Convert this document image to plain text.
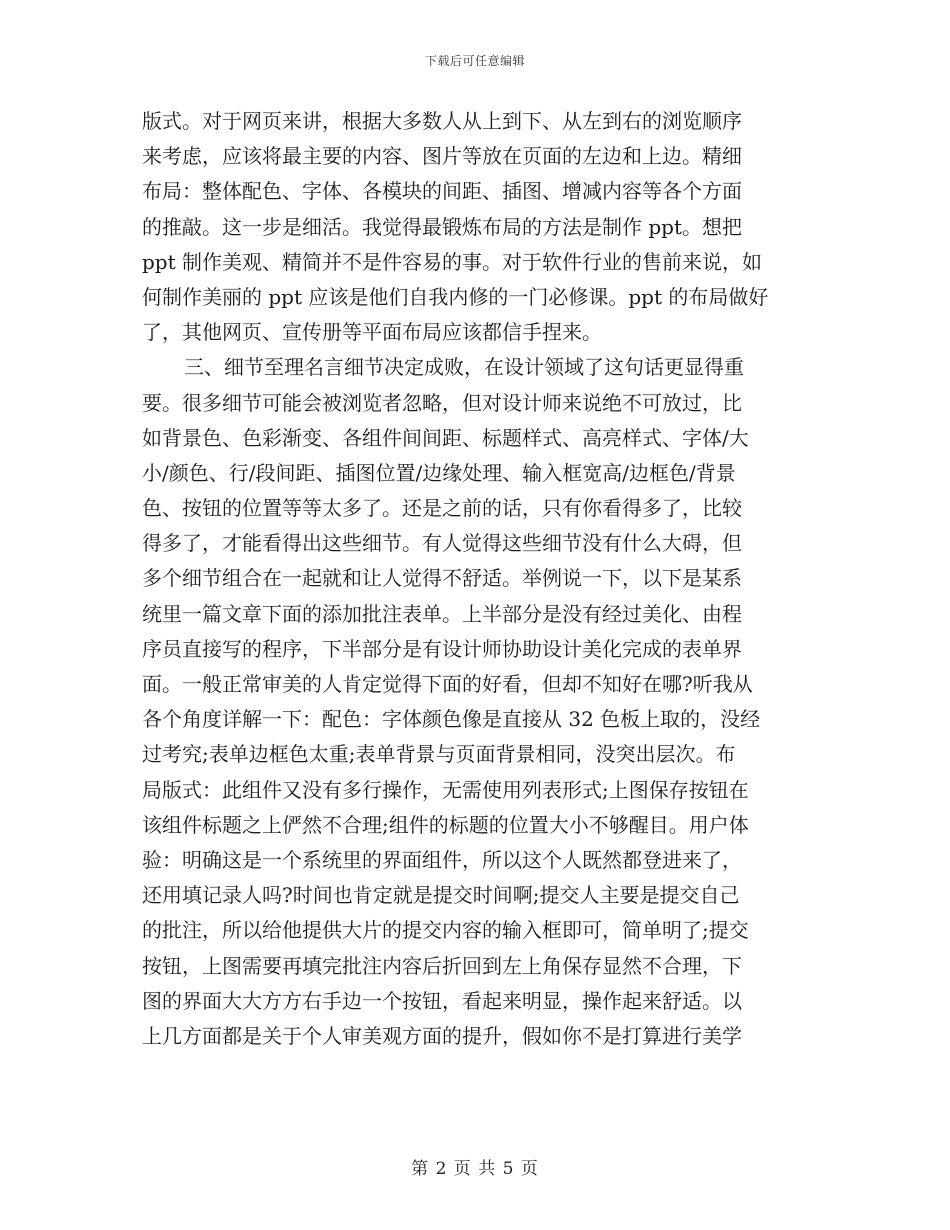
下载后可任意编辑
版式。对于网页来讲，根据大多数人从上到下、从左到右的浏览顺序
来考虑，应该将最主要的内容、图片等放在页面的左边和上边。精细
布局：整体配色、字体、各模块的间距、插图、增减内容等各个方面
的推敲。这一步是细活。我觉得最锻炼布局的方法是制作 ppt。想把
ppt 制作美观、精简并不是件容易的事。对于软件行业的售前来说，如
何制作美丽的 ppt 应该是他们自我内修的一门必修课。ppt 的布局做好
了，其他网页、宣传册等平面布局应该都信手捏来。
三、细节至理名言细节决定成败，在设计领域了这句话更显得重
要。很多细节可能会被浏览者忽略，但对设计师来说绝不可放过，比
如背景色、色彩渐变、各组件间间距、标题样式、高亮样式、字体/大
小/颜色、行/段间距、插图位置/边缘处理、输入框宽高/边框色/背景
色、按钮的位置等等太多了。还是之前的话，只有你看得多了，比较
得多了，才能看得出这些细节。有人觉得这些细节没有什么大碍，但
多个细节组合在一起就和让人觉得不舒适。举例说一下，以下是某系
统里一篇文章下面的添加批注表单。上半部分是没有经过美化、由程
序员直接写的程序，下半部分是有设计师协助设计美化完成的表单界
面。一般正常审美的人肯定觉得下面的好看，但却不知好在哪?听我从
各个角度详解一下：配色：字体颜色像是直接从 32 色板上取的，没经
过考究;表单边框色太重;表单背景与页面背景相同，没突出层次。布
局版式：此组件又没有多行操作，无需使用列表形式;上图保存按钮在
该组件标题之上俨然不合理;组件的标题的位置大小不够醒目。用户体
验：明确这是一个系统里的界面组件，所以这个人既然都登进来了，
还用填记录人吗?时间也肯定就是提交时间啊;提交人主要是提交自己
的批注，所以给他提供大片的提交内容的输入框即可，简单明了;提交
按钮，上图需要再填完批注内容后折回到左上角保存显然不合理，下
图的界面大大方方右手边一个按钮，看起来明显，操作起来舒适。以
上几方面都是关于个人审美观方面的提升，假如你不是打算进行美学
第 2 页 共 5 页
